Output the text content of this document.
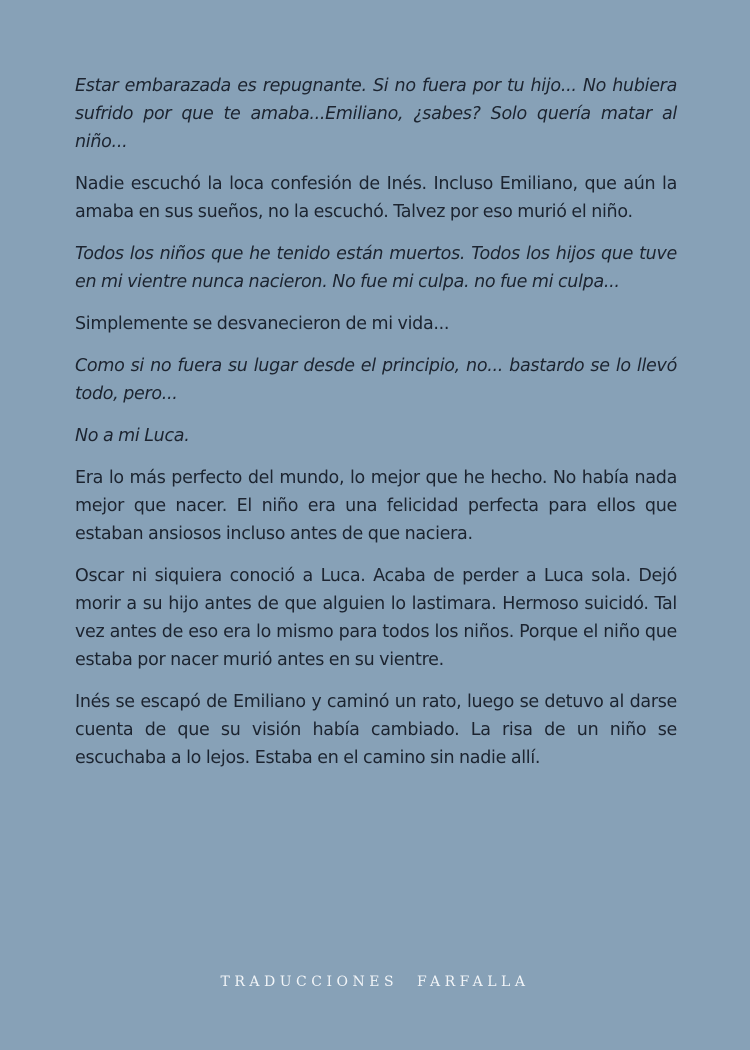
Estar embarazada es repugnante. Si no fuera por tu hijo... No hubiera sufrido por que te amaba...Emiliano, ¿sabes? Solo quería matar al niño...

Nadie escuchó la loca confesión de Inés. Incluso Emiliano, que aún la amaba en sus sueños, no la escuchó. Talvez por eso murió el niño.

Todos los niños que he tenido están muertos. Todos los hijos que tuve en mi vientre nunca nacieron. No fue mi culpa. no fue mi culpa...

Simplemente se desvanecieron de mi vida...

Como si no fuera su lugar desde el principio, no... bastardo se lo llevó todo, pero...

No a mi Luca.

Era lo más perfecto del mundo, lo mejor que he hecho. No había nada mejor que nacer. El niño era una felicidad perfecta para ellos que estaban ansiosos incluso antes de que naciera.

Oscar ni siquiera conoció a Luca. Acaba de perder a Luca sola. Dejó morir a su hijo antes de que alguien lo lastimara. Hermoso suicidó. Tal vez antes de eso era lo mismo para todos los niños. Porque el niño que estaba por nacer murió antes en su vientre.

Inés se escapó de Emiliano y caminó un rato, luego se detuvo al darse cuenta de que su visión había cambiado. La risa de un niño se escuchaba a lo lejos. Estaba en el camino sin nadie allí.

TRADUCCIONES FARFALLA
